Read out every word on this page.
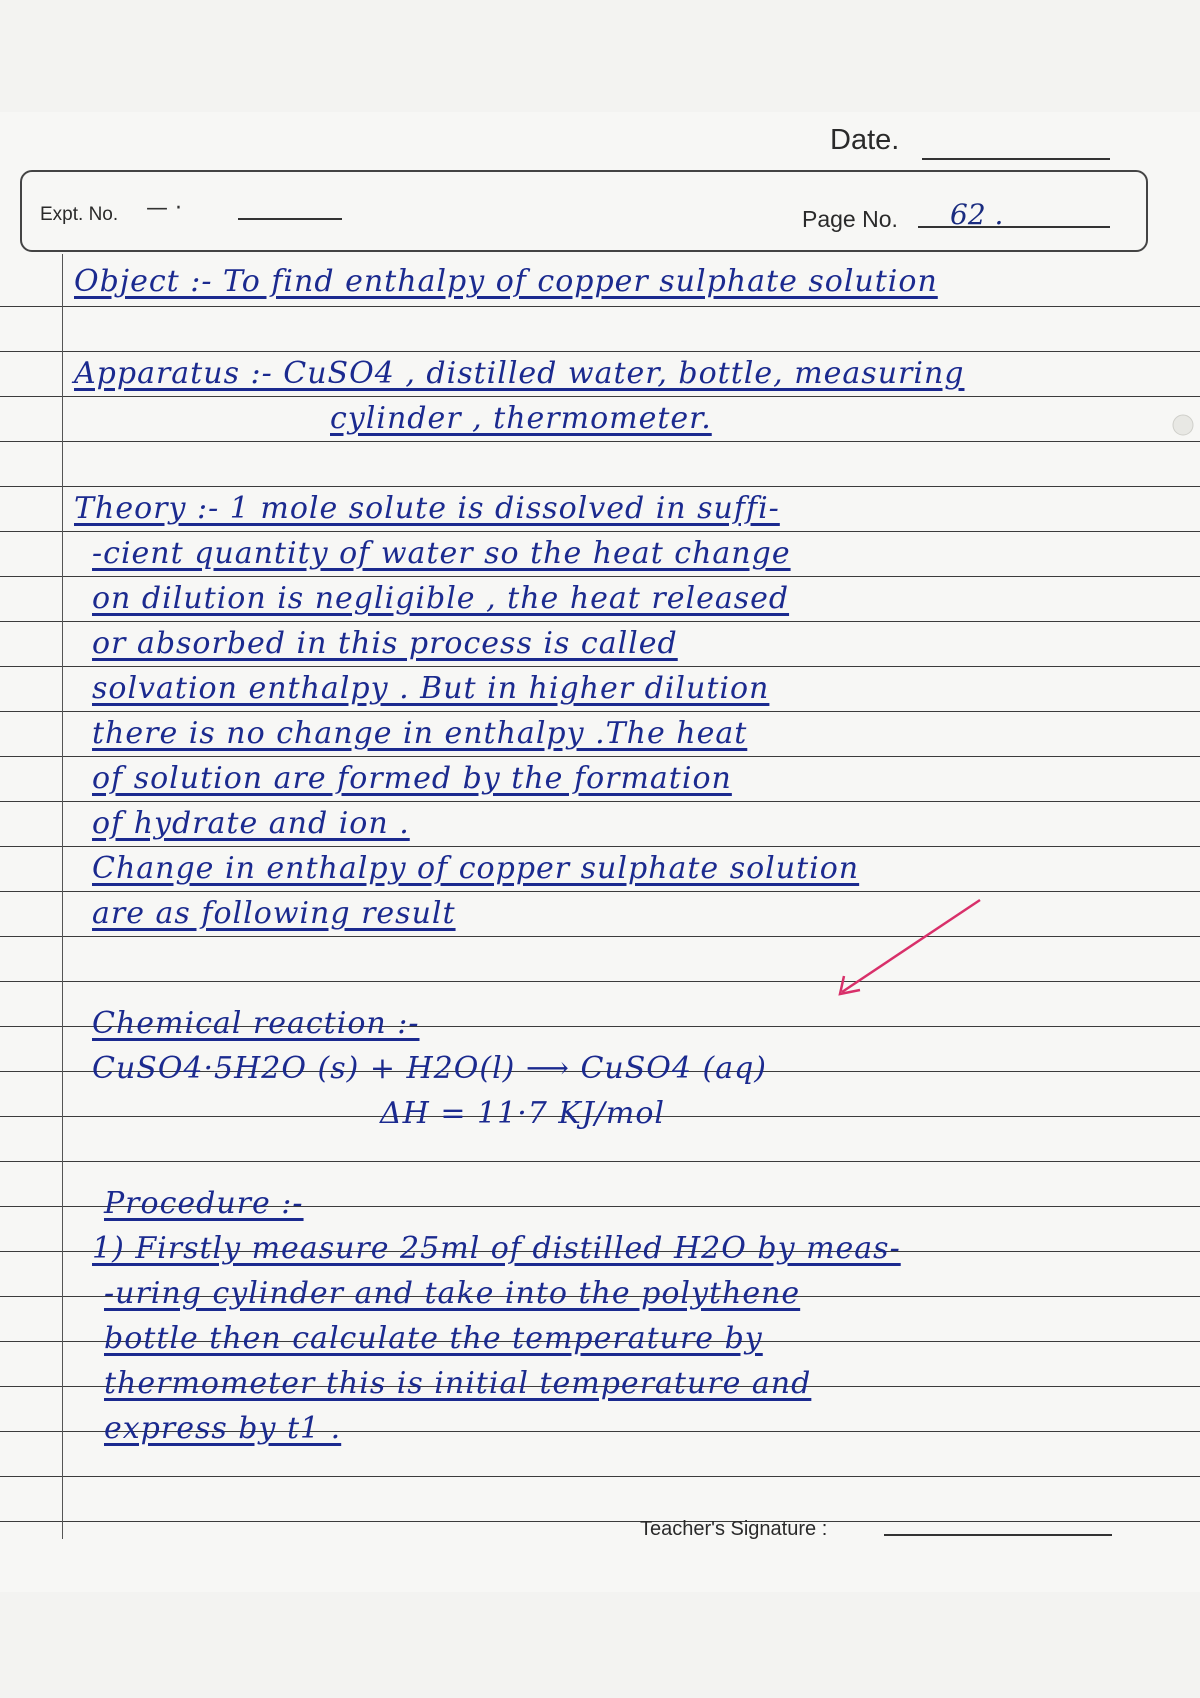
Date.
Expt. No. — ·	Page No. 62 .
Object :- To find enthalpy of copper sulphate solution
Apparatus :- CuSO4 , distilled water, bottle, measuring
cylinder , thermometer.
Theory :- 1 mole solute is dissolved in suffi-
-cient quantity of water so the heat change
on dilution is negligible , the heat released
or absorbed in this process is called
solvation enthalpy . But in higher dilution
there is no change in enthalpy .The heat
of solution are formed by the formation
of hydrate and ion .
Change in enthalpy of copper sulphate solution
are as following result
Chemical reaction :-
CuSO4·5H2O (s) + H2O(l) ⟶ CuSO4 (aq)
ΔH = 11·7 KJ/mol
Procedure :-
1) Firstly measure 25ml of distilled H2O by meas-
-uring cylinder and take into the polythene
bottle then calculate the temperature by
thermometer this is initial temperature and
express by t1 .
Teacher's Signature :
